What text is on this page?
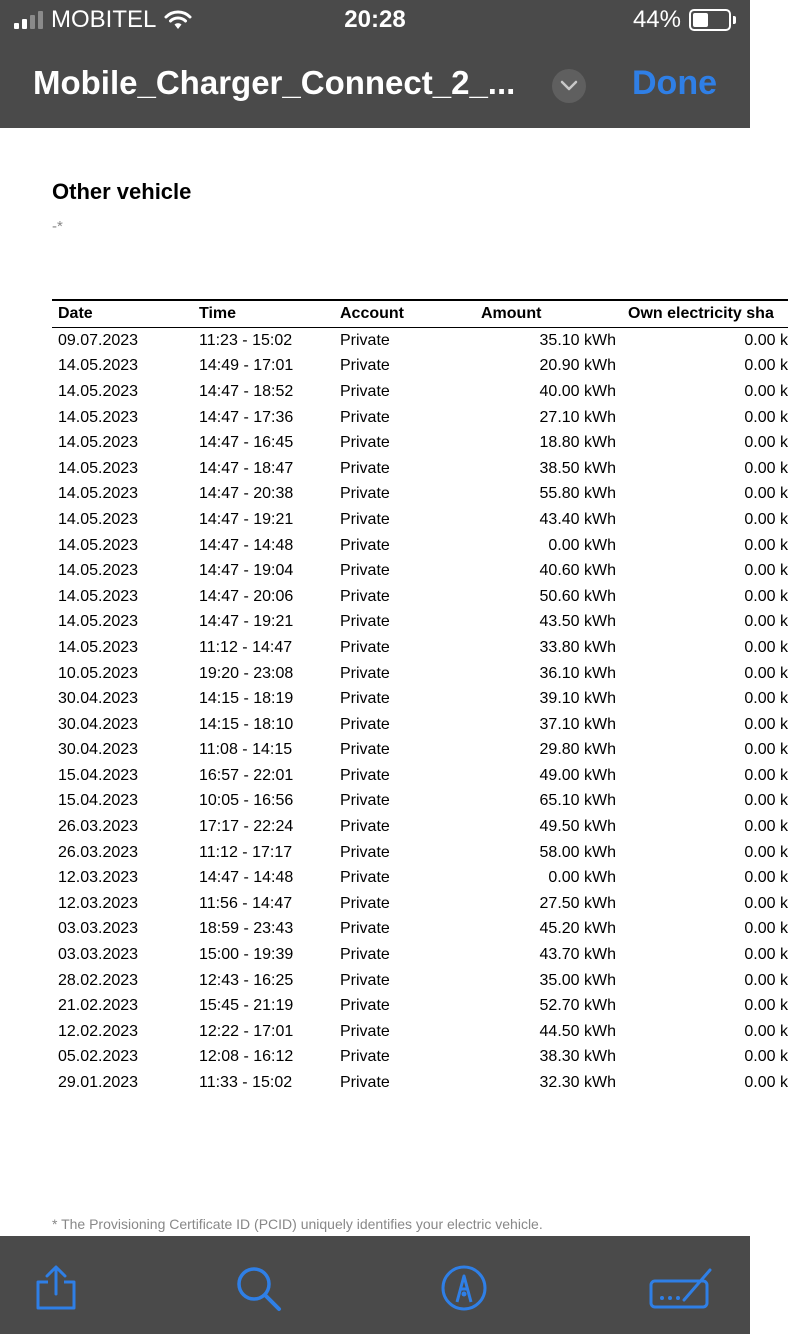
MOBITEL	20:28	44%
Mobile_Charger_Connect_2_...	Done
Other vehicle
-*
Date	Time	Account	Amount	Own electricity sha
09.07.2023	11:23 - 15:02	Private	35.10 kWh	0.00 k
14.05.2023	14:49 - 17:01	Private	20.90 kWh	0.00 k
14.05.2023	14:47 - 18:52	Private	40.00 kWh	0.00 k
14.05.2023	14:47 - 17:36	Private	27.10 kWh	0.00 k
14.05.2023	14:47 - 16:45	Private	18.80 kWh	0.00 k
14.05.2023	14:47 - 18:47	Private	38.50 kWh	0.00 k
14.05.2023	14:47 - 20:38	Private	55.80 kWh	0.00 k
14.05.2023	14:47 - 19:21	Private	43.40 kWh	0.00 k
14.05.2023	14:47 - 14:48	Private	0.00 kWh	0.00 k
14.05.2023	14:47 - 19:04	Private	40.60 kWh	0.00 k
14.05.2023	14:47 - 20:06	Private	50.60 kWh	0.00 k
14.05.2023	14:47 - 19:21	Private	43.50 kWh	0.00 k
14.05.2023	11:12 - 14:47	Private	33.80 kWh	0.00 k
10.05.2023	19:20 - 23:08	Private	36.10 kWh	0.00 k
30.04.2023	14:15 - 18:19	Private	39.10 kWh	0.00 k
30.04.2023	14:15 - 18:10	Private	37.10 kWh	0.00 k
30.04.2023	11:08 - 14:15	Private	29.80 kWh	0.00 k
15.04.2023	16:57 - 22:01	Private	49.00 kWh	0.00 k
15.04.2023	10:05 - 16:56	Private	65.10 kWh	0.00 k
26.03.2023	17:17 - 22:24	Private	49.50 kWh	0.00 k
26.03.2023	11:12 - 17:17	Private	58.00 kWh	0.00 k
12.03.2023	14:47 - 14:48	Private	0.00 kWh	0.00 k
12.03.2023	11:56 - 14:47	Private	27.50 kWh	0.00 k
03.03.2023	18:59 - 23:43	Private	45.20 kWh	0.00 k
03.03.2023	15:00 - 19:39	Private	43.70 kWh	0.00 k
28.02.2023	12:43 - 16:25	Private	35.00 kWh	0.00 k
21.02.2023	15:45 - 21:19	Private	52.70 kWh	0.00 k
12.02.2023	12:22 - 17:01	Private	44.50 kWh	0.00 k
05.02.2023	12:08 - 16:12	Private	38.30 kWh	0.00 k
29.01.2023	11:33 - 15:02	Private	32.30 kWh	0.00 k
* The Provisioning Certificate ID (PCID) uniquely identifies your electric vehicle.
